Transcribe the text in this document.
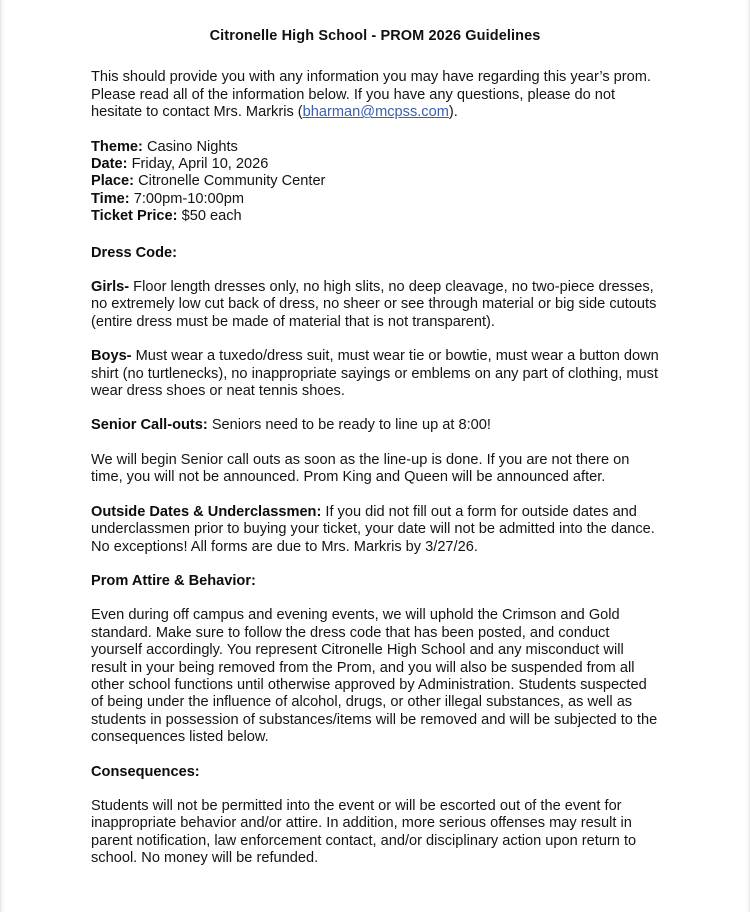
Citronelle High School - PROM 2026 Guidelines

This should provide you with any information you may have regarding this year’s prom. Please read all of the information below. If you have any questions, please do not hesitate to contact Mrs. Markris (bharman@mcpss.com).

Theme: Casino Nights
Date: Friday, April 10, 2026
Place: Citronelle Community Center
Time: 7:00pm-10:00pm
Ticket Price: $50 each
Dress Code:

Girls- Floor length dresses only, no high slits, no deep cleavage, no two-piece dresses, no extremely low cut back of dress, no sheer or see through material or big side cutouts (entire dress must be made of material that is not transparent).

Boys- Must wear a tuxedo/dress suit, must wear tie or bowtie, must wear a button down shirt (no turtlenecks), no inappropriate sayings or emblems on any part of clothing, must wear dress shoes or neat tennis shoes.

Senior Call-outs: Seniors need to be ready to line up at 8:00!

We will begin Senior call outs as soon as the line-up is done. If you are not there on time, you will not be announced. Prom King and Queen will be announced after.

Outside Dates & Underclassmen: If you did not fill out a form for outside dates and underclassmen prior to buying your ticket, your date will not be admitted into the dance. No exceptions! All forms are due to Mrs. Markris by 3/27/26.

Prom Attire & Behavior:

Even during off campus and evening events, we will uphold the Crimson and Gold standard. Make sure to follow the dress code that has been posted, and conduct yourself accordingly. You represent Citronelle High School and any misconduct will result in your being removed from the Prom, and you will also be suspended from all other school functions until otherwise approved by Administration. Students suspected of being under the influence of alcohol, drugs, or other illegal substances, as well as students in possession of substances/items will be removed and will be subjected to the consequences listed below.

Consequences:

Students will not be permitted into the event or will be escorted out of the event for inappropriate behavior and/or attire. In addition, more serious offenses may result in parent notification, law enforcement contact, and/or disciplinary action upon return to school. No money will be refunded.
